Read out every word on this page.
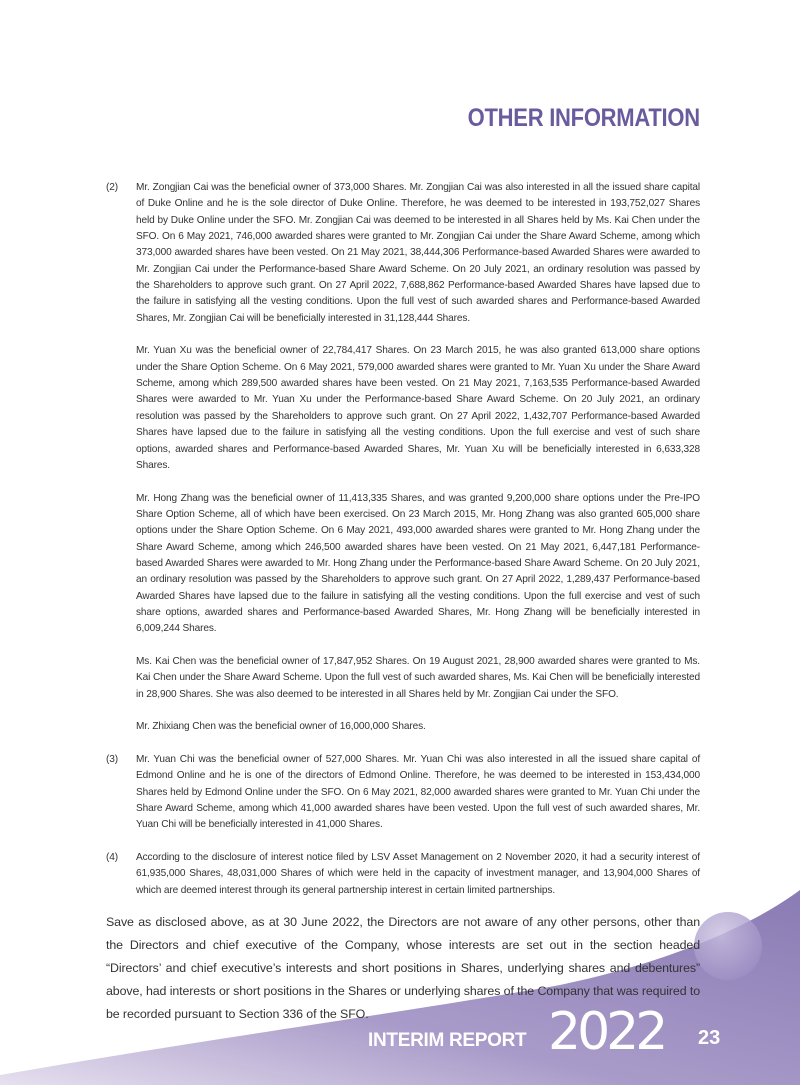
OTHER INFORMATION
(2)	Mr. Zongjian Cai was the beneficial owner of 373,000 Shares. Mr. Zongjian Cai was also interested in all the issued share capital of Duke Online and he is the sole director of Duke Online. Therefore, he was deemed to be interested in 193,752,027 Shares held by Duke Online under the SFO. Mr. Zongjian Cai was deemed to be interested in all Shares held by Ms. Kai Chen under the SFO. On 6 May 2021, 746,000 awarded shares were granted to Mr. Zongjian Cai under the Share Award Scheme, among which 373,000 awarded shares have been vested. On 21 May 2021, 38,444,306 Performance-based Awarded Shares were awarded to Mr. Zongjian Cai under the Performance-based Share Award Scheme. On 20 July 2021, an ordinary resolution was passed by the Shareholders to approve such grant. On 27 April 2022, 7,688,862 Performance-based Awarded Shares have lapsed due to the failure in satisfying all the vesting conditions. Upon the full vest of such awarded shares and Performance-based Awarded Shares, Mr. Zongjian Cai will be beneficially interested in 31,128,444 Shares.

Mr. Yuan Xu was the beneficial owner of 22,784,417 Shares. On 23 March 2015, he was also granted 613,000 share options under the Share Option Scheme. On 6 May 2021, 579,000 awarded shares were granted to Mr. Yuan Xu under the Share Award Scheme, among which 289,500 awarded shares have been vested. On 21 May 2021, 7,163,535 Performance-based Awarded Shares were awarded to Mr. Yuan Xu under the Performance-based Share Award Scheme. On 20 July 2021, an ordinary resolution was passed by the Shareholders to approve such grant. On 27 April 2022, 1,432,707 Performance-based Awarded Shares have lapsed due to the failure in satisfying all the vesting conditions. Upon the full exercise and vest of such share options, awarded shares and Performance-based Awarded Shares, Mr. Yuan Xu will be beneficially interested in 6,633,328 Shares.

Mr. Hong Zhang was the beneficial owner of 11,413,335 Shares, and was granted 9,200,000 share options under the Pre-IPO Share Option Scheme, all of which have been exercised. On 23 March 2015, Mr. Hong Zhang was also granted 605,000 share options under the Share Option Scheme. On 6 May 2021, 493,000 awarded shares were granted to Mr. Hong Zhang under the Share Award Scheme, among which 246,500 awarded shares have been vested. On 21 May 2021, 6,447,181 Performance-based Awarded Shares were awarded to Mr. Hong Zhang under the Performance-based Share Award Scheme. On 20 July 2021, an ordinary resolution was passed by the Shareholders to approve such grant. On 27 April 2022, 1,289,437 Performance-based Awarded Shares have lapsed due to the failure in satisfying all the vesting conditions. Upon the full exercise and vest of such share options, awarded shares and Performance-based Awarded Shares, Mr. Hong Zhang will be beneficially interested in 6,009,244 Shares.

Ms. Kai Chen was the beneficial owner of 17,847,952 Shares. On 19 August 2021, 28,900 awarded shares were granted to Ms. Kai Chen under the Share Award Scheme. Upon the full vest of such awarded shares, Ms. Kai Chen will be beneficially interested in 28,900 Shares. She was also deemed to be interested in all Shares held by Mr. Zongjian Cai under the SFO.

Mr. Zhixiang Chen was the beneficial owner of 16,000,000 Shares.

(3)	Mr. Yuan Chi was the beneficial owner of 527,000 Shares. Mr. Yuan Chi was also interested in all the issued share capital of Edmond Online and he is one of the directors of Edmond Online. Therefore, he was deemed to be interested in 153,434,000 Shares held by Edmond Online under the SFO. On 6 May 2021, 82,000 awarded shares were granted to Mr. Yuan Chi under the Share Award Scheme, among which 41,000 awarded shares have been vested. Upon the full vest of such awarded shares, Mr. Yuan Chi will be beneficially interested in 41,000 Shares.

(4)	According to the disclosure of interest notice filed by LSV Asset Management on 2 November 2020, it had a security interest of 61,935,000 Shares, 48,031,000 Shares of which were held in the capacity of investment manager, and 13,904,000 Shares of which are deemed interest through its general partnership interest in certain limited partnerships.

Save as disclosed above, as at 30 June 2022, the Directors are not aware of any other persons, other than the Directors and chief executive of the Company, whose interests are set out in the section headed “Directors’ and chief executive’s interests and short positions in Shares, underlying shares and debentures” above, had interests or short positions in the Shares or underlying shares of the Company that was required to be recorded pursuant to Section 336 of the SFO.

INTERIM REPORT 2022 23
